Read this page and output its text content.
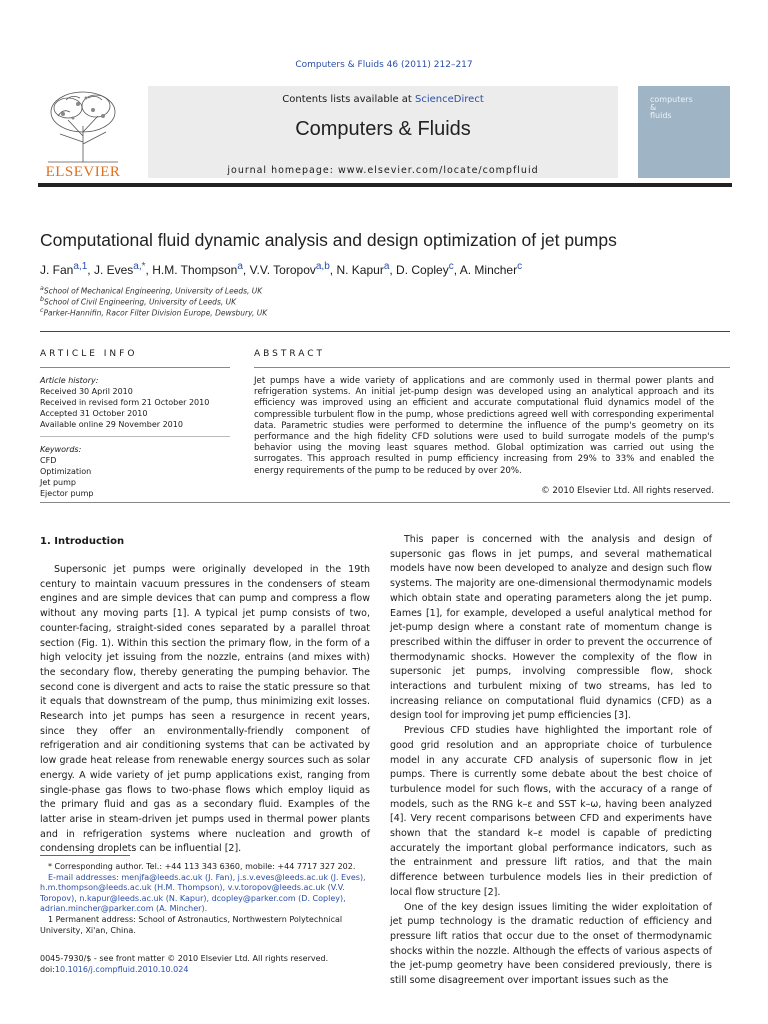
Computers & Fluids 46 (2011) 212–217
ELSEVIER
Contents lists available at ScienceDirect
Computers & Fluids
journal homepage: www.elsevier.com/locate/compfluid
computers
&
fluids
Computational fluid dynamic analysis and design optimization of jet pumps
J. Fan$^{a,1}$, J. Eves$^{a,*}$, H.M. Thompson$^a$, V.V. Toropov$^{a,b}$, N. Kapur$^a$, D. Copley$^c$, A. Mincher$^c$
$^a$School of Mechanical Engineering, University of Leeds, UK
$^b$School of Civil Engineering, University of Leeds, UK
$^c$Parker-Hannifin, Racor Filter Division Europe, Dewsbury, UK
ARTICLE INFO
Article history:
Received 30 April 2010
Received in revised form 21 October 2010
Accepted 31 October 2010
Available online 29 November 2010
Keywords:
CFD
Optimization
Jet pump
Ejector pump
ABSTRACT
Jet pumps have a wide variety of applications and are commonly used in thermal power plants and refrigeration systems. An initial jet-pump design was developed using an analytical approach and its efficiency was improved using an efficient and accurate computational fluid dynamics model of the compressible turbulent flow in the pump, whose predictions agreed well with corresponding experimental data. Parametric studies were performed to determine the influence of the pump's geometry on its performance and the high fidelity CFD solutions were used to build surrogate models of the pump's behavior using the moving least squares method. Global optimization was carried out using the surrogates. This approach resulted in pump efficiency increasing from 29% to 33% and enabled the energy requirements of the pump to be reduced by over 20%.
© 2010 Elsevier Ltd. All rights reserved.
1. Introduction

Supersonic jet pumps were originally developed in the 19th century to maintain vacuum pressures in the condensers of steam engines and are simple devices that can pump and compress a flow without any moving parts [1]. A typical jet pump consists of two, counter-facing, straight-sided cones separated by a parallel throat section (Fig. 1). Within this section the primary flow, in the form of a high velocity jet issuing from the nozzle, entrains (and mixes with) the secondary flow, thereby generating the pumping behavior. The second cone is divergent and acts to raise the static pressure so that it equals that downstream of the pump, thus minimizing exit losses. Research into jet pumps has seen a resurgence in recent years, since they offer an environmentally-friendly component of refrigeration and air conditioning systems that can be activated by low grade heat release from renewable energy sources such as solar energy. A wide variety of jet pump applications exist, ranging from single-phase gas flows to two-phase flows which employ liquid as the primary fluid and gas as a secondary fluid. Examples of the latter arise in steam-driven jet pumps used in thermal power plants and in refrigeration systems where nucleation and growth of condensing droplets can be influential [2].

This paper is concerned with the analysis and design of supersonic gas flows in jet pumps, and several mathematical models have now been developed to analyze and design such flow systems. The majority are one-dimensional thermodynamic models which obtain state and operating parameters along the jet pump. Eames [1], for example, developed a useful analytical method for jet-pump design where a constant rate of momentum change is prescribed within the diffuser in order to prevent the occurrence of thermodynamic shocks. However the complexity of the flow in supersonic jet pumps, involving compressible flow, shock interactions and turbulent mixing of two streams, has led to increasing reliance on computational fluid dynamics (CFD) as a design tool for improving jet pump efficiencies [3].

Previous CFD studies have highlighted the important role of good grid resolution and an appropriate choice of turbulence model in any accurate CFD analysis of supersonic flow in jet pumps. There is currently some debate about the best choice of turbulence model for such flows, with the accuracy of a range of models, such as the RNG k–ε and SST k–ω, having been analyzed [4]. Very recent comparisons between CFD and experiments have shown that the standard k–ε model is capable of predicting accurately the important global performance indicators, such as the entrainment and pressure lift ratios, and that the main difference between turbulence models lies in their prediction of local flow structure [2].

One of the key design issues limiting the wider exploitation of jet pump technology is the dramatic reduction of efficiency and pressure lift ratios that occur due to the onset of thermodynamic shocks within the nozzle. Although the effects of various aspects of the jet-pump geometry have been considered previously, there is still some disagreement over important issues such as the

* Corresponding author. Tel.: +44 113 343 6360, mobile: +44 7717 327 202.

E-mail addresses: menjfa@leeds.ac.uk (J. Fan), j.s.v.eves@leeds.ac.uk (J. Eves), h.m.thompson@leeds.ac.uk (H.M. Thompson), v.v.toropov@leeds.ac.uk (V.V. Toropov), n.kapur@leeds.ac.uk (N. Kapur), dcopley@parker.com (D. Copley), adrian.mincher@parker.com (A. Mincher).

1 Permanent address: School of Astronautics, Northwestern Polytechnical University, Xi'an, China.

0045-7930/$ - see front matter © 2010 Elsevier Ltd. All rights reserved.
doi:10.1016/j.compfluid.2010.10.024
